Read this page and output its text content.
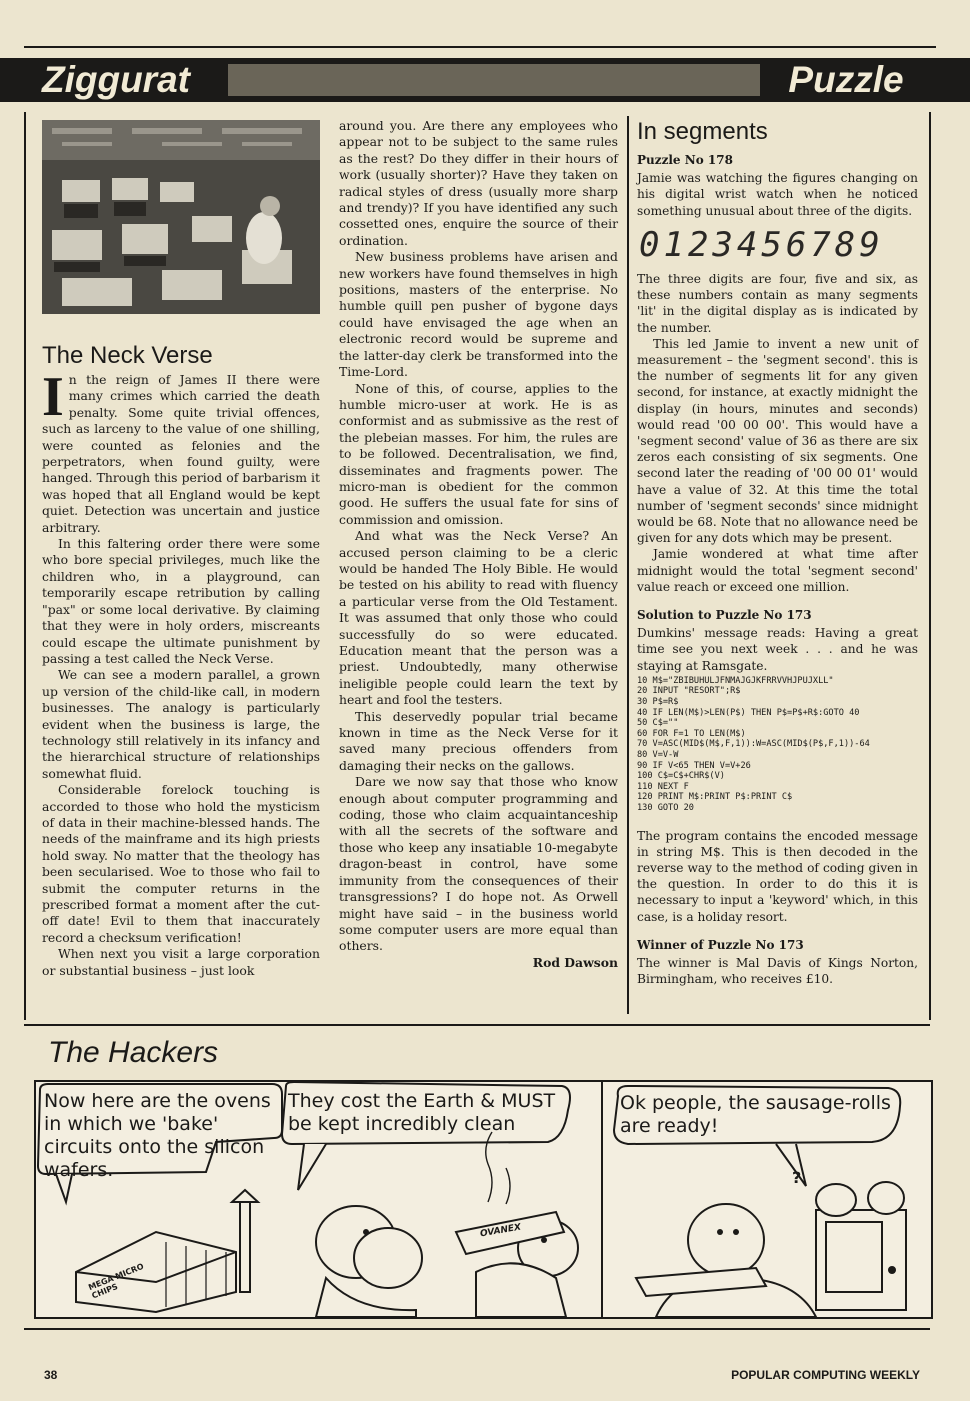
Ziggurat	Puzzle
The Neck Verse

In the reign of James II there were many crimes which carried the death penalty. Some quite trivial offences, such as larceny to the value of one shilling, were counted as felonies and the perpetrators, when found guilty, were hanged. Through this period of barbarism it was hoped that all England would be kept quiet. Detection was uncertain and justice arbitrary.

In this faltering order there were some who bore special privileges, much like the children who, in a playground, can temporarily escape retribution by calling "pax" or some local derivative. By claiming that they were in holy orders, miscreants could escape the ultimate punishment by passing a test called the Neck Verse.

We can see a modern parallel, a grown up version of the child-like call, in modern businesses. The analogy is particularly evident when the business is large, the technology still relatively in its infancy and the hierarchical structure of relationships somewhat fluid.

Considerable forelock touching is accorded to those who hold the mysticism of data in their machine-blessed hands. The needs of the mainframe and its high priests hold sway. No matter that the theology has been secularised. Woe to those who fail to submit the computer returns in the prescribed format a moment after the cut-off date! Evil to them that inaccurately record a checksum verification!

When next you visit a large corporation or substantial business – just look

around you. Are there any employees who appear not to be subject to the same rules as the rest? Do they differ in their hours of work (usually shorter)? Have they taken on radical styles of dress (usually more sharp and trendy)? If you have identified any such cossetted ones, enquire the source of their ordination.

New business problems have arisen and new workers have found themselves in high positions, masters of the enterprise. No humble quill pen pusher of bygone days could have envisaged the age when an electronic record would be supreme and the latter-day clerk be transformed into the Time-Lord.

None of this, of course, applies to the humble micro-user at work. He is as conformist and as submissive as the rest of the plebeian masses. For him, the rules are to be followed. Decentralisation, we find, disseminates and fragments power. The micro-man is obedient for the common good. He suffers the usual fate for sins of commission and omission.

And what was the Neck Verse? An accused person claiming to be a cleric would be handed The Holy Bible. He would be tested on his ability to read with fluency a particular verse from the Old Testament. It was assumed that only those who could successfully do so were educated. Education meant that the person was a priest. Undoubtedly, many otherwise ineligible people could learn the text by heart and fool the testers.

This deservedly popular trial became known in time as the Neck Verse for it saved many precious offenders from damaging their necks on the gallows.

Dare we now say that those who know enough about computer programming and coding, those who claim acquaintanceship with all the secrets of the software and those who keep any insatiable 10-megabyte dragon-beast in control, have some immunity from the consequences of their transgressions? I do hope not. As Orwell might have said – in the business world some computer users are more equal than others.

Rod Dawson

In segments
Puzzle No 178

Jamie was watching the figures changing on his digital wrist watch when he noticed something unusual about three of the digits.

0123456789

The three digits are four, five and six, as these numbers contain as many segments 'lit' in the digital display as is indicated by the number.

This led Jamie to invent a new unit of measurement – the 'segment second'. this is the number of segments lit for any given second, for instance, at exactly midnight the display (in hours, minutes and seconds) would read '00 00 00'. This would have a 'segment second' value of 36 as there are six zeros each consisting of six segments. One second later the reading of '00 00 01' would have a value of 32. At this time the total number of 'segment seconds' since midnight would be 68. Note that no allowance need be given for any dots which may be present.

Jamie wondered at what time after midnight would the total 'segment second' value reach or exceed one million.

Solution to Puzzle No 173

Dumkins' message reads: Having a great time see you next week . . . and he was staying at Ramsgate.

10 M$="ZBIBUHULJFNMAJGJKFRRVVHJPUJXLL"
20 INPUT "RESORT";R$
30 P$=R$
40 IF LEN(M$)>LEN(P$) THEN P$=P$+R$:GOTO 40
50 C$=""
60 FOR F=1 TO LEN(M$)
70 V=ASC(MID$(M$,F,1)):W=ASC(MID$(P$,F,1))-64
80 V=V-W
90 IF V<65 THEN V=V+26
100 C$=C$+CHR$(V)
110 NEXT F
120 PRINT M$:PRINT P$:PRINT C$
130 GOTO 20

The program contains the encoded message in string M$. This is then decoded in the reverse way to the method of coding given in the question. In order to do this it is necessary to input a 'keyword' which, in this case, is a holiday resort.

Winner of Puzzle No 173

The winner is Mal Davis of Kings Norton, Birmingham, who receives £10.

The Hackers
Now here are the ovens in which we 'bake' circuits onto the silicon wafers.
They cost the Earth & MUST be kept incredibly clean
Ok people, the sausage-rolls are ready!
MEGA MICRO CHIPS
OVANEX
?
38	POPULAR COMPUTING WEEKLY
